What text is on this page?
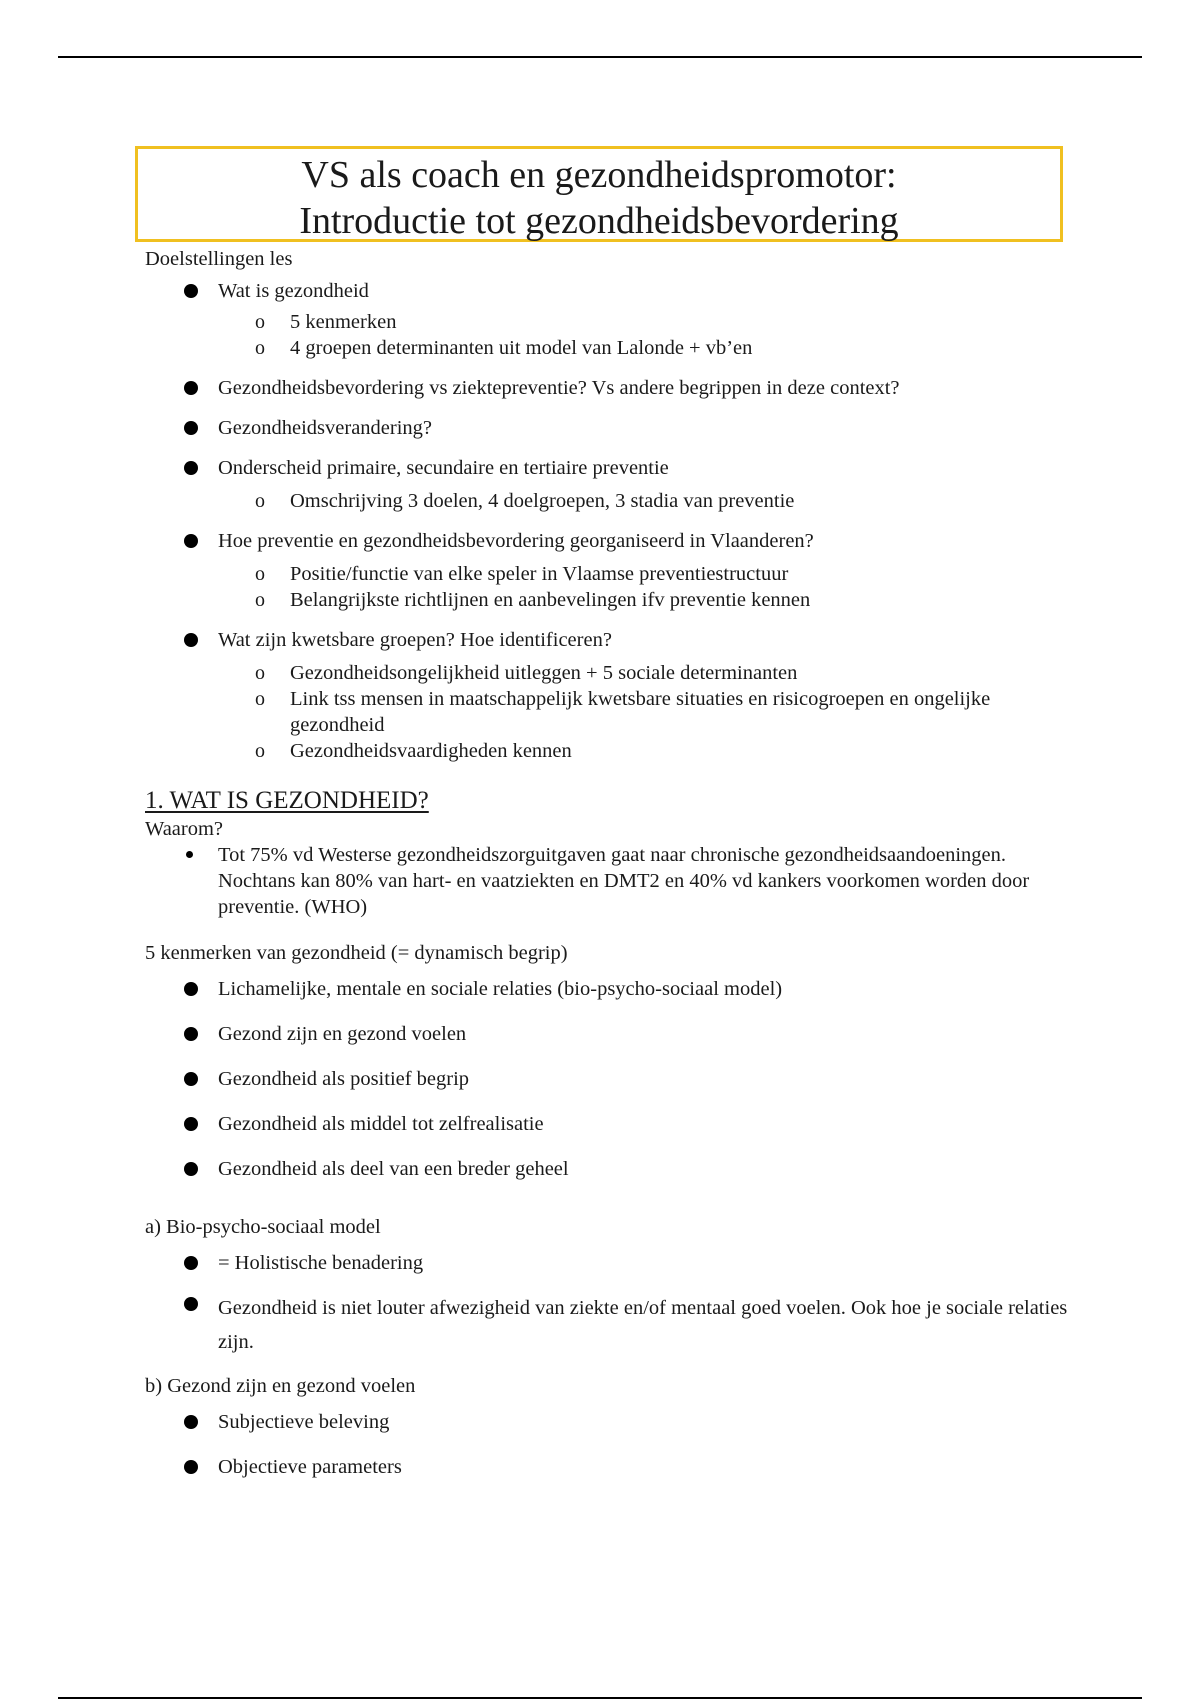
VS als coach en gezondheidspromotor:
Introductie tot gezondheidsbevordering
Doelstellingen les
Wat is gezondheid
o 5 kenmerken
o 4 groepen determinanten uit model van Lalonde + vb’en
Gezondheidsbevordering vs ziektepreventie? Vs andere begrippen in deze context?
Gezondheidsverandering?
Onderscheid primaire, secundaire en tertiaire preventie
o Omschrijving 3 doelen, 4 doelgroepen, 3 stadia van preventie
Hoe preventie en gezondheidsbevordering georganiseerd in Vlaanderen?
o Positie/functie van elke speler in Vlaamse preventiestructuur
o Belangrijkste richtlijnen en aanbevelingen ifv preventie kennen
Wat zijn kwetsbare groepen? Hoe identificeren?
o Gezondheidsongelijkheid uitleggen + 5 sociale determinanten
o Link tss mensen in maatschappelijk kwetsbare situaties en risicogroepen en ongelijke gezondheid
o Gezondheidsvaardigheden kennen
1. WAT IS GEZONDHEID?
Waarom?
Tot 75% vd Westerse gezondheidszorguitgaven gaat naar chronische gezondheidsaandoeningen. Nochtans kan 80% van hart- en vaatziekten en DMT2 en 40% vd kankers voorkomen worden door preventie. (WHO)
5 kenmerken van gezondheid (= dynamisch begrip)
Lichamelijke, mentale en sociale relaties (bio-psycho-sociaal model)
Gezond zijn en gezond voelen
Gezondheid als positief begrip
Gezondheid als middel tot zelfrealisatie
Gezondheid als deel van een breder geheel
a) Bio-psycho-sociaal model
= Holistische benadering
Gezondheid is niet louter afwezigheid van ziekte en/of mentaal goed voelen. Ook hoe je sociale relaties zijn.
b) Gezond zijn en gezond voelen
Subjectieve beleving
Objectieve parameters
